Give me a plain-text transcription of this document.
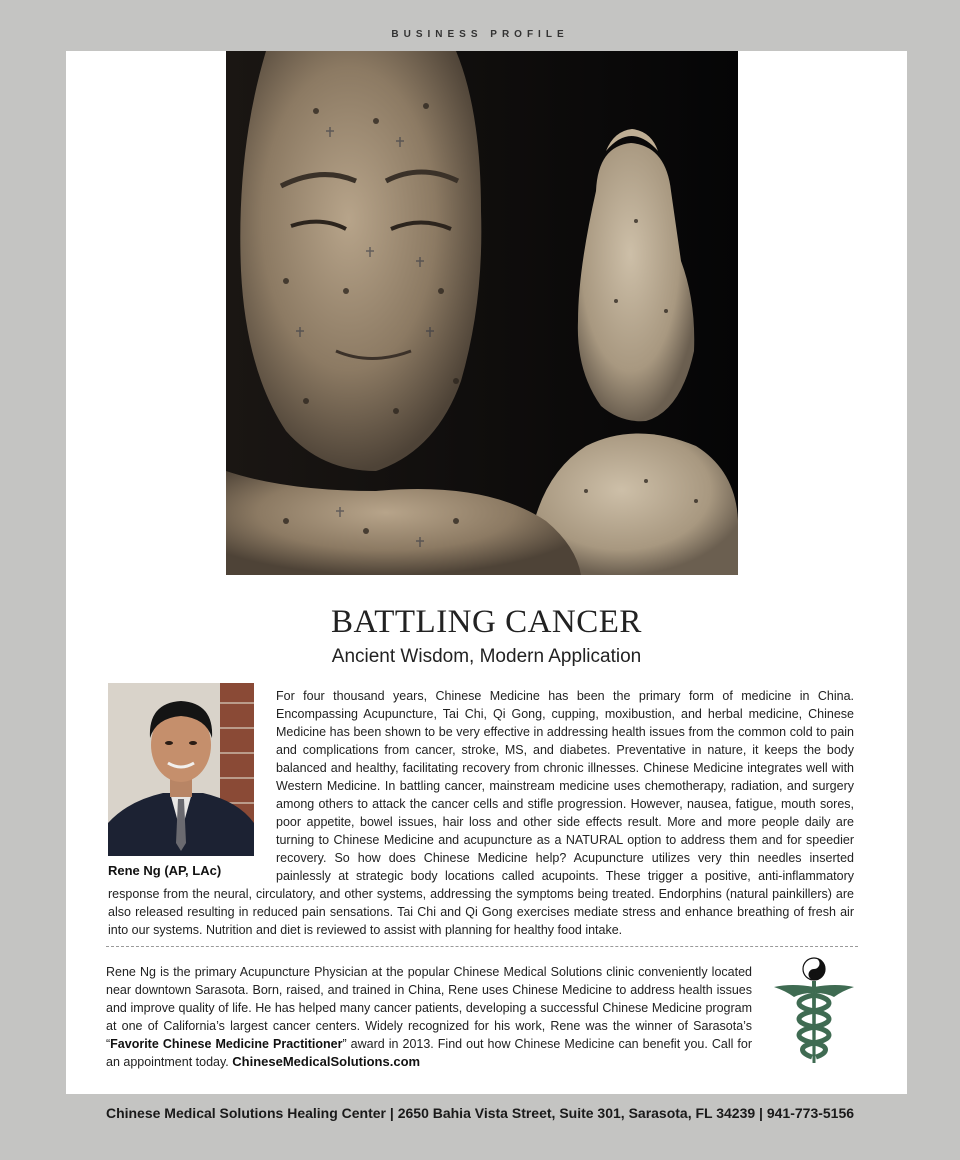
BUSINESS PROFILE
BATTLING CANCER
Ancient Wisdom, Modern Application
Rene Ng (AP, LAc)
For four thousand years, Chinese Medicine has been the primary form of medicine in China. Encompassing Acupuncture, Tai Chi, Qi Gong, cupping, moxibustion, and herbal medicine, Chinese Medicine has been shown to be very effective in addressing health issues from the common cold to pain and complications from cancer, stroke, MS, and diabetes. Preventative in nature, it keeps the body balanced and healthy, facilitating recovery from chronic illnesses. Chinese Medicine integrates well with Western Medicine. In battling cancer, mainstream medicine uses chemotherapy, radiation, and surgery among others to attack the cancer cells and stifle progression. However, nausea, fatigue, mouth sores, poor appetite, bowel issues, hair loss and other side effects result. More and more people daily are turning to Chinese Medicine and acupuncture as a NATURAL option to address them and for speedier recovery. So how does Chinese Medicine help? Acupuncture utilizes very thin needles inserted painlessly at strategic body locations called acupoints. These trigger a positive, anti-inflammatory response from the neural, circulatory, and other systems, addressing the symptoms being treated. Endorphins (natural painkillers) are also released resulting in reduced pain sensations. Tai Chi and Qi Gong exercises mediate stress and enhance breathing of fresh air into our systems. Nutrition and diet is reviewed to assist with planning for healthy food intake.
Rene Ng is the primary Acupuncture Physician at the popular Chinese Medical Solutions clinic conveniently located near downtown Sarasota. Born, raised, and trained in China, Rene uses Chinese Medicine to address health issues and improve quality of life. He has helped many cancer patients, developing a successful Chinese Medicine program at one of California’s largest cancer centers. Widely recognized for his work, Rene was the winner of Sarasota’s “Favorite Chinese Medicine Practitioner” award in 2013. Find out how Chinese Medicine can benefit you. Call for an appointment today. ChineseMedicalSolutions.com
Chinese Medical Solutions Healing Center | 2650 Bahia Vista Street, Suite 301, Sarasota, FL 34239 | 941-773-5156
